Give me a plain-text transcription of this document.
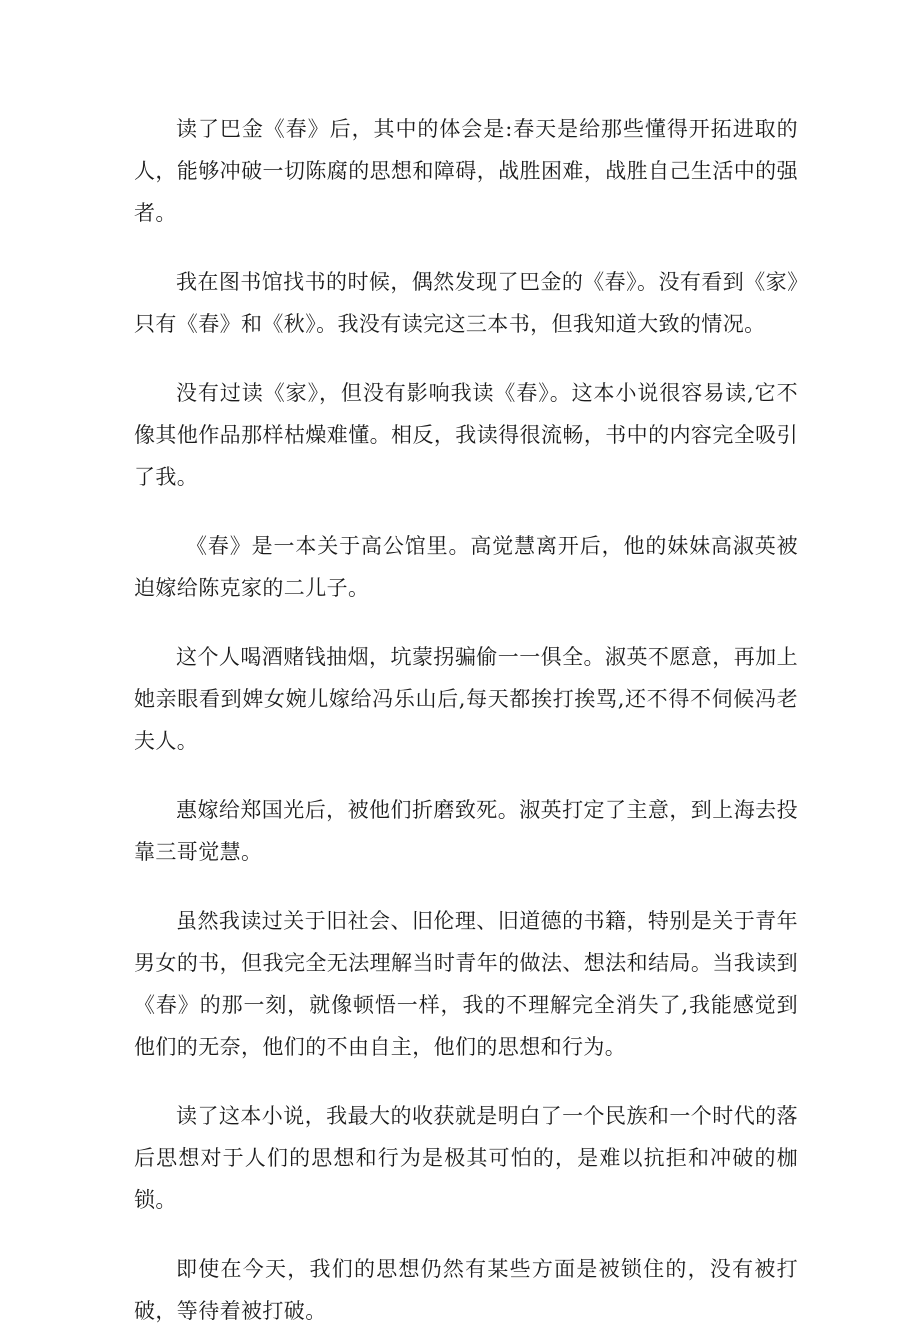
读了巴金《春》后，其中的体会是:春天是给那些懂得开拓进取的人，能够冲破一切陈腐的思想和障碍，战胜困难，战胜自己生活中的强者。

我在图书馆找书的时候，偶然发现了巴金的《春》。没有看到《家》只有《春》和《秋》。我没有读完这三本书，但我知道大致的情况。

没有过读《家》，但没有影响我读《春》。这本小说很容易读,它不像其他作品那样枯燥难懂。相反，我读得很流畅，书中的内容完全吸引了我。

《春》是一本关于高公馆里。高觉慧离开后，他的妹妹高淑英被迫嫁给陈克家的二儿子。

这个人喝酒赌钱抽烟，坑蒙拐骗偷一一俱全。淑英不愿意，再加上她亲眼看到婢女婉儿嫁给冯乐山后,每天都挨打挨骂,还不得不伺候冯老夫人。

惠嫁给郑国光后，被他们折磨致死。淑英打定了主意，到上海去投靠三哥觉慧。

虽然我读过关于旧社会、旧伦理、旧道德的书籍，特别是关于青年男女的书，但我完全无法理解当时青年的做法、想法和结局。当我读到《春》的那一刻，就像顿悟一样，我的不理解完全消失了,我能感觉到他们的无奈，他们的不由自主，他们的思想和行为。

读了这本小说，我最大的收获就是明白了一个民族和一个时代的落后思想对于人们的思想和行为是极其可怕的，是难以抗拒和冲破的枷锁。

即使在今天，我们的思想仍然有某些方面是被锁住的，没有被打破，等待着被打破。
